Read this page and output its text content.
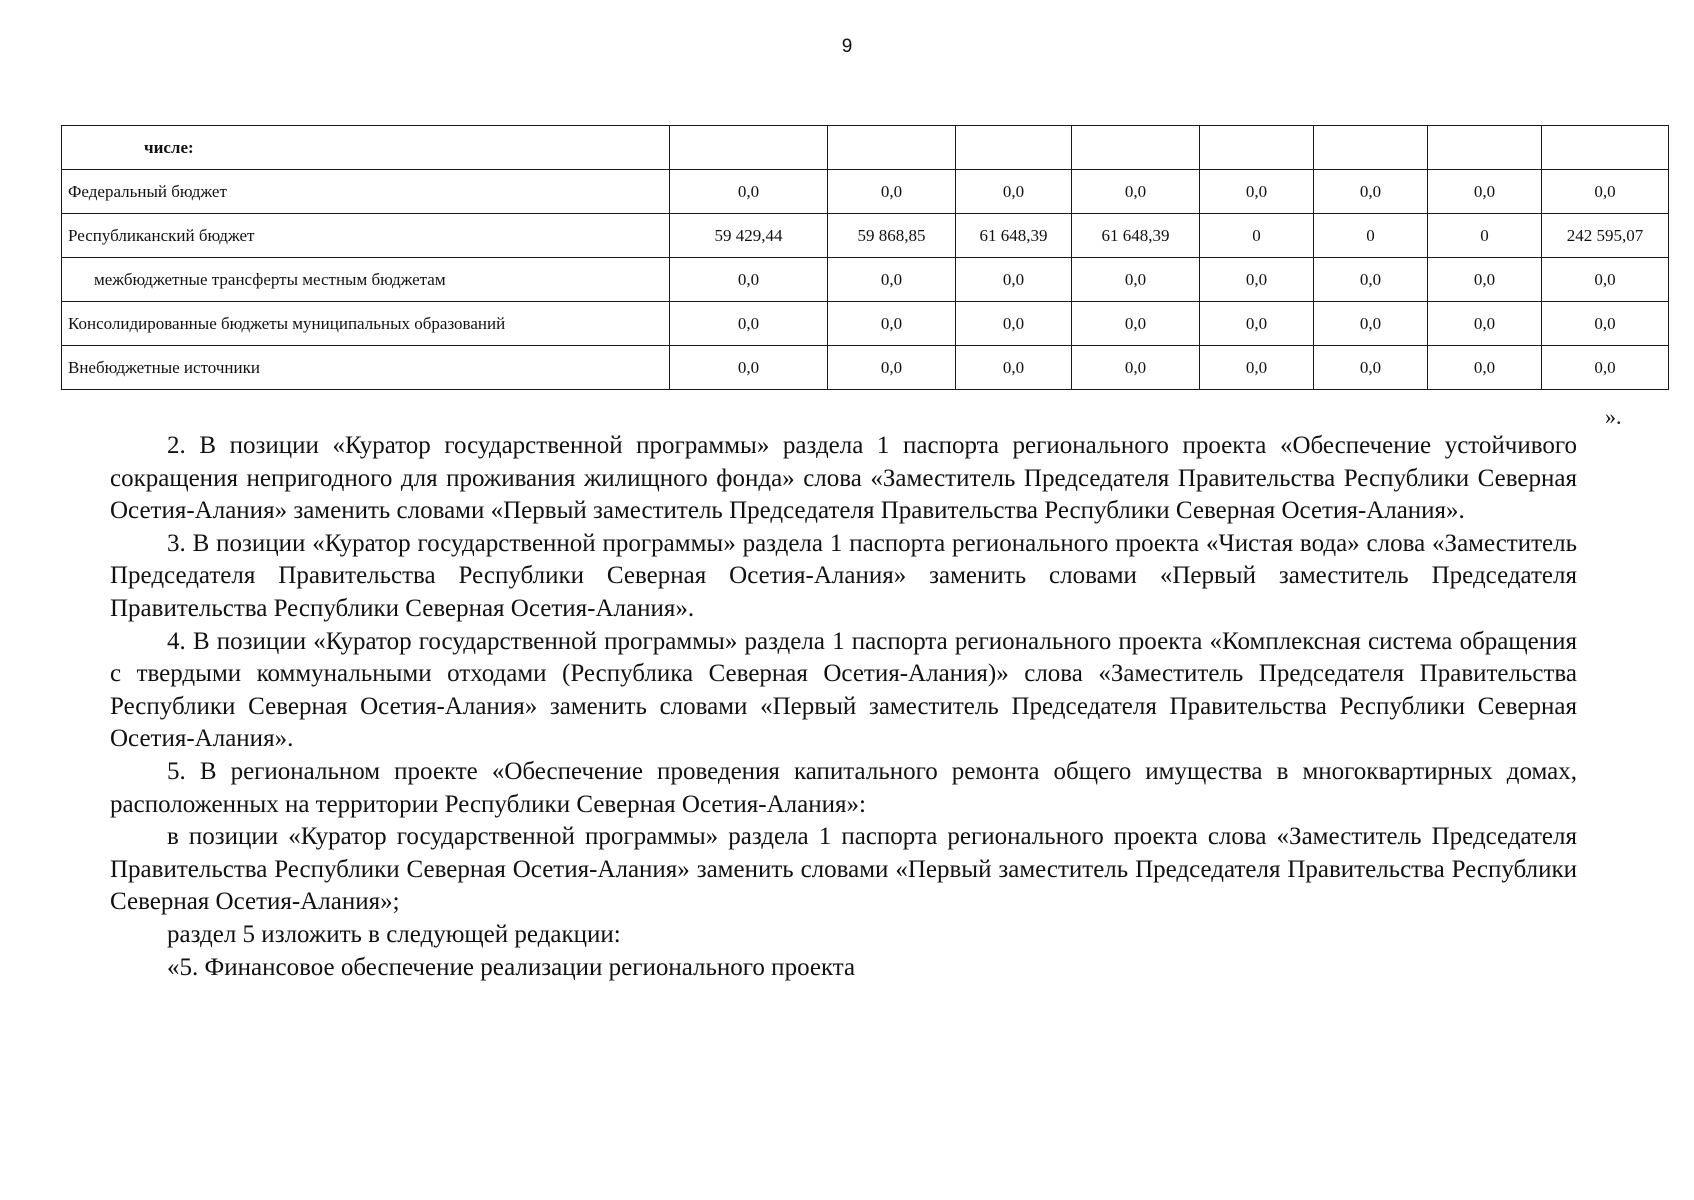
9
числе:								
Федеральный бюджет	0,0	0,0	0,0	0,0	0,0	0,0	0,0	0,0
Республиканский бюджет	59 429,44	59 868,85	61 648,39	61 648,39	0	0	0	242 595,07
межбюджетные трансферты местным бюджетам	0,0	0,0	0,0	0,0	0,0	0,0	0,0	0,0
Консолидированные бюджеты муниципальных образований	0,0	0,0	0,0	0,0	0,0	0,0	0,0	0,0
Внебюджетные источники	0,0	0,0	0,0	0,0	0,0	0,0	0,0	0,0
».

2. В позиции «Куратор государственной программы» раздела 1 паспорта регионального проекта «Обеспечение устойчивого сокращения непригодного для проживания жилищного фонда» слова «Заместитель Председателя Правительства Республики Северная Осетия-Алания» заменить словами «Первый заместитель Председателя Правительства Республики Северная Осетия-Алания».

3. В позиции «Куратор государственной программы» раздела 1 паспорта регионального проекта «Чистая вода» слова «Заместитель Председателя Правительства Республики Северная Осетия-Алания» заменить словами «Первый заместитель Председателя Правительства Республики Северная Осетия-Алания».

4. В позиции «Куратор государственной программы» раздела 1 паспорта регионального проекта «Комплексная система обращения с твердыми коммунальными отходами (Республика Северная Осетия-Алания)» слова «Заместитель Председателя Правительства Республики Северная Осетия-Алания» заменить словами «Первый заместитель Председателя Правительства Республики Северная Осетия-Алания».

5. В региональном проекте «Обеспечение проведения капитального ремонта общего имущества в многоквартирных домах, расположенных на территории Республики Северная Осетия-Алания»:

в позиции «Куратор государственной программы» раздела 1 паспорта регионального проекта слова «Заместитель Председателя Правительства Республики Северная Осетия-Алания» заменить словами «Первый заместитель Председателя Правительства Республики Северная Осетия-Алания»;

раздел 5 изложить в следующей редакции:

«5. Финансовое обеспечение реализации регионального проекта
